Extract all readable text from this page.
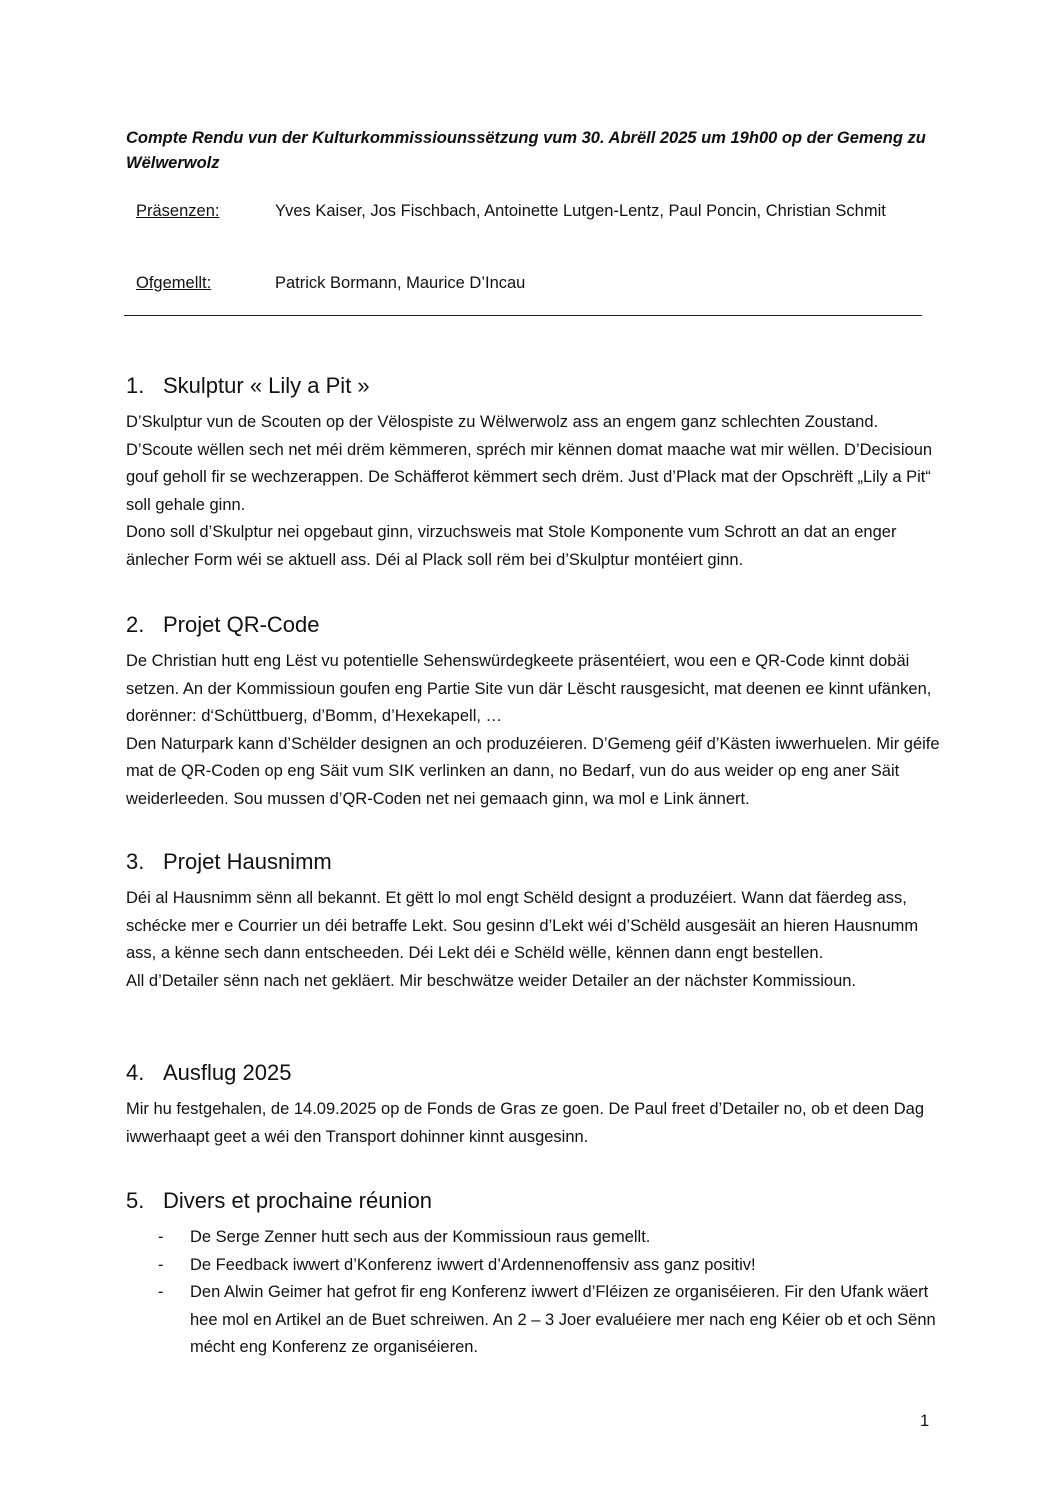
Compte Rendu vun der Kulturkommissiounssëtzung vum 30. Abrëll 2025 um 19h00 op der Gemeng zu Wëlwerwolz
Präsenzen:	Yves Kaiser, Jos Fischbach, Antoinette Lutgen-Lentz, Paul Poncin, Christian Schmit
Ofgemellt:	Patrick Bormann, Maurice D’Incau
1. Skulptur « Lily a Pit »

D’Skulptur vun de Scouten op der Vëlospiste zu Wëlwerwolz ass an engem ganz schlechten Zoustand. D’Scoute wëllen sech net méi drëm këmmeren, spréch mir kënnen domat maache wat mir wëllen. D’Decisioun gouf geholl fir se wechzerappen. De Schäfferot këmmert sech drëm. Just d’Plack mat der Opschrëft „Lily a Pit“ soll gehale ginn.

Dono soll d’Skulptur nei opgebaut ginn, virzuchsweis mat Stole Komponente vum Schrott an dat an enger änlecher Form wéi se aktuell ass. Déi al Plack soll rëm bei d’Skulptur montéiert ginn.

2. Projet QR-Code

De Christian hutt eng Lëst vu potentielle Sehenswürdegkeete präsentéiert, wou een e QR-Code kinnt dobäi setzen. An der Kommissioun goufen eng Partie Site vun där Lëscht rausgesicht, mat deenen ee kinnt ufänken, dorënner: d‘Schüttbuerg, d’Bomm, d’Hexekapell, …

Den Naturpark kann d’Schëlder designen an och produzéieren. D’Gemeng géif d’Kästen iwwerhuelen. Mir géife mat de QR-Coden op eng Säit vum SIK verlinken an dann, no Bedarf, vun do aus weider op eng aner Säit weiderleeden. Sou mussen d’QR-Coden net nei gemaach ginn, wa mol e Link ännert.

3. Projet Hausnimm

Déi al Hausnimm sënn all bekannt. Et gëtt lo mol engt Schëld designt a produzéiert. Wann dat fäerdeg ass, schécke mer e Courrier un déi betraffe Lekt. Sou gesinn d’Lekt wéi d’Schëld ausgesäit an hieren Hausnumm ass, a kënne sech dann entscheeden. Déi Lekt déi e Schëld wëlle, kënnen dann engt bestellen.

All d’Detailer sënn nach net gekläert. Mir beschwätze weider Detailer an der nächster Kommissioun.

4. Ausflug 2025

Mir hu festgehalen, de 14.09.2025 op de Fonds de Gras ze goen. De Paul freet d’Detailer no, ob et deen Dag iwwerhaapt geet a wéi den Transport dohinner kinnt ausgesinn.

5. Divers et prochaine réunion
- De Serge Zenner hutt sech aus der Kommissioun raus gemellt.
- De Feedback iwwert d’Konferenz iwwert d’Ardennenoffensiv ass ganz positiv!
- Den Alwin Geimer hat gefrot fir eng Konferenz iwwert d’Fléizen ze organiséieren. Fir den Ufank wäert hee mol en Artikel an de Buet schreiwen. An 2 – 3 Joer evaluéiere mer nach eng Kéier ob et och Sënn mécht eng Konferenz ze organiséieren.
1
